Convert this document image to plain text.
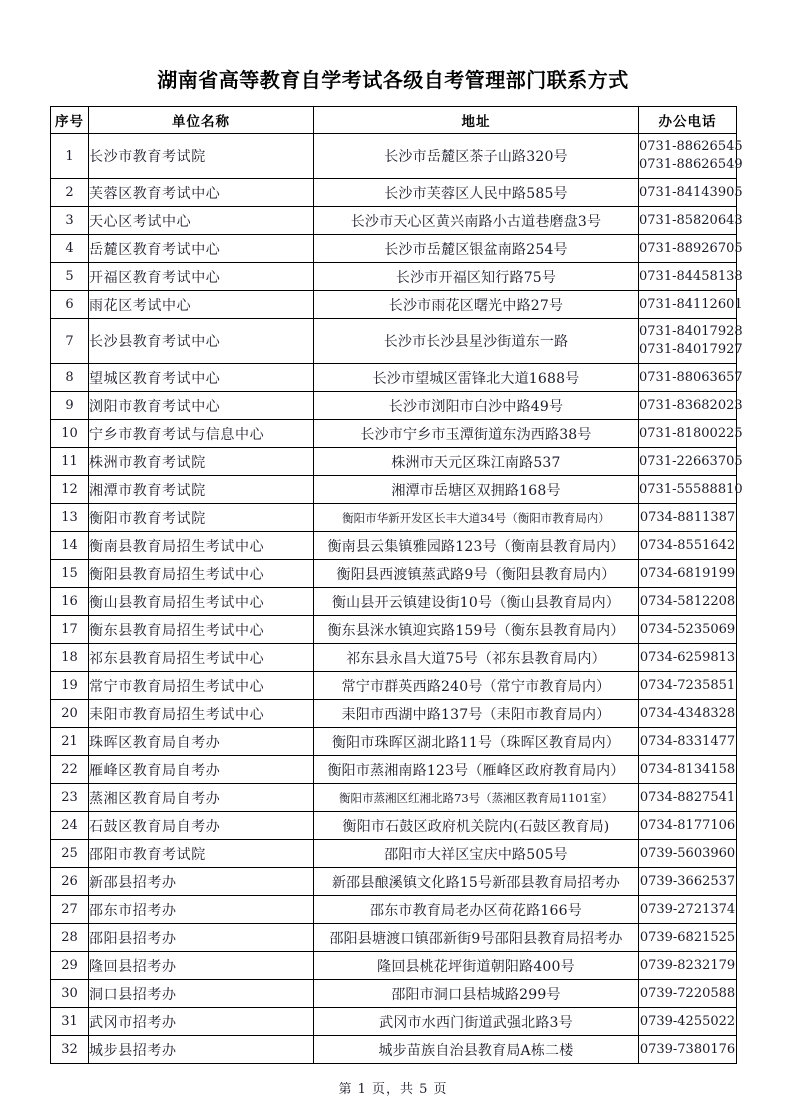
湖南省高等教育自学考试各级自考管理部门联系方式
序号	单位名称	地址	办公电话
1	长沙市教育考试院	长沙市岳麓区茶子山路320号	0731-88626545
0731-88626549

2	芙蓉区教育考试中心	长沙市芙蓉区人民中路585号	0731-84143905

3	天心区考试中心	长沙市天心区黄兴南路小古道巷磨盘3号	0731-85820643

4	岳麓区教育考试中心	长沙市岳麓区银盆南路254号	0731-88926705

5	开福区教育考试中心	长沙市开福区知行路75号	0731-84458138

6	雨花区考试中心	长沙市雨花区曙光中路27号	0731-84112601

7	长沙县教育考试中心	长沙市长沙县星沙街道东一路	0731-84017928
0731-84017927

8	望城区教育考试中心	长沙市望城区雷锋北大道1688号	0731-88063657

9	浏阳市教育考试中心	长沙市浏阳市白沙中路49号	0731-83682023

10	宁乡市教育考试与信息中心	长沙市宁乡市玉潭街道东沩西路38号	0731-81800225

11	株洲市教育考试院	株洲市天元区珠江南路537	0731-22663705

12	湘潭市教育考试院	湘潭市岳塘区双拥路168号	0731-55588810

13	衡阳市教育考试院	衡阳市华新开发区长丰大道34号（衡阳市教育局内）	0734-8811387

14	衡南县教育局招生考试中心	衡南县云集镇雅园路123号（衡南县教育局内）	0734-8551642

15	衡阳县教育局招生考试中心	衡阳县西渡镇蒸武路9号（衡阳县教育局内）	0734-6819199

16	衡山县教育局招生考试中心	衡山县开云镇建设街10号（衡山县教育局内）	0734-5812208

17	衡东县教育局招生考试中心	衡东县洣水镇迎宾路159号（衡东县教育局内）	0734-5235069

18	祁东县教育局招生考试中心	祁东县永昌大道75号（祁东县教育局内）	0734-6259813

19	常宁市教育局招生考试中心	常宁市群英西路240号（常宁市教育局内）	0734-7235851

20	耒阳市教育局招生考试中心	耒阳市西湖中路137号（耒阳市教育局内）	0734-4348328

21	珠晖区教育局自考办	衡阳市珠晖区湖北路11号（珠晖区教育局内）	0734-8331477

22	雁峰区教育局自考办	衡阳市蒸湘南路123号（雁峰区政府教育局内）	0734-8134158

23	蒸湘区教育局自考办	衡阳市蒸湘区红湘北路73号（蒸湘区教育局1101室）	0734-8827541

24	石鼓区教育局自考办	衡阳市石鼓区政府机关院内(石鼓区教育局)	0734-8177106

25	邵阳市教育考试院	邵阳市大祥区宝庆中路505号	0739-5603960

26	新邵县招考办	新邵县酿溪镇文化路15号新邵县教育局招考办	0739-3662537

27	邵东市招考办	邵东市教育局老办区荷花路166号	0739-2721374

28	邵阳县招考办	邵阳县塘渡口镇邵新街9号邵阳县教育局招考办	0739-6821525

29	隆回县招考办	隆回县桃花坪街道朝阳路400号	0739-8232179

30	洞口县招考办	邵阳市洞口县桔城路299号	0739-7220588

31	武冈市招考办	武冈市水西门街道武强北路3号	0739-4255022

32	城步县招考办	城步苗族自治县教育局A栋二楼	0739-7380176
第 1 页，共 5 页
